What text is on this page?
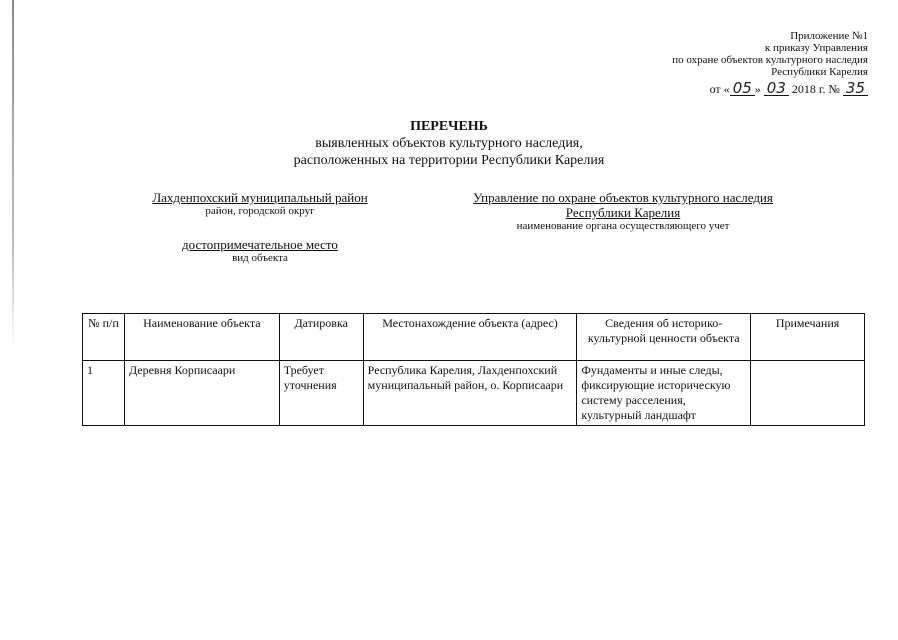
Приложение №1
к приказу Управления
по охране объектов культурного наследия
Республики Карелия
от « 05 » 03 2018 г. № 35
ПЕРЕЧЕНЬ
выявленных объектов культурного наследия,
расположенных на территории Республики Карелия
Лахденпохский муниципальный район
район, городской округ
Управление по охране объектов культурного наследия
Республики Карелия
наименование органа осуществляющего учет
достопримечательное место
вид объекта
№ п/п	Наименование объекта	Датировка	Местонахождение объекта (адрес)	Сведения об историко-культурной ценности объекта	Примечания
1	Деревня Корписаари	Требует уточнения	Республика Карелия, Лахденпохский муниципальный район, о. Корписаари	Фундаменты и иные следы, фиксирующие историческую систему расселения, культурный ландшафт	
